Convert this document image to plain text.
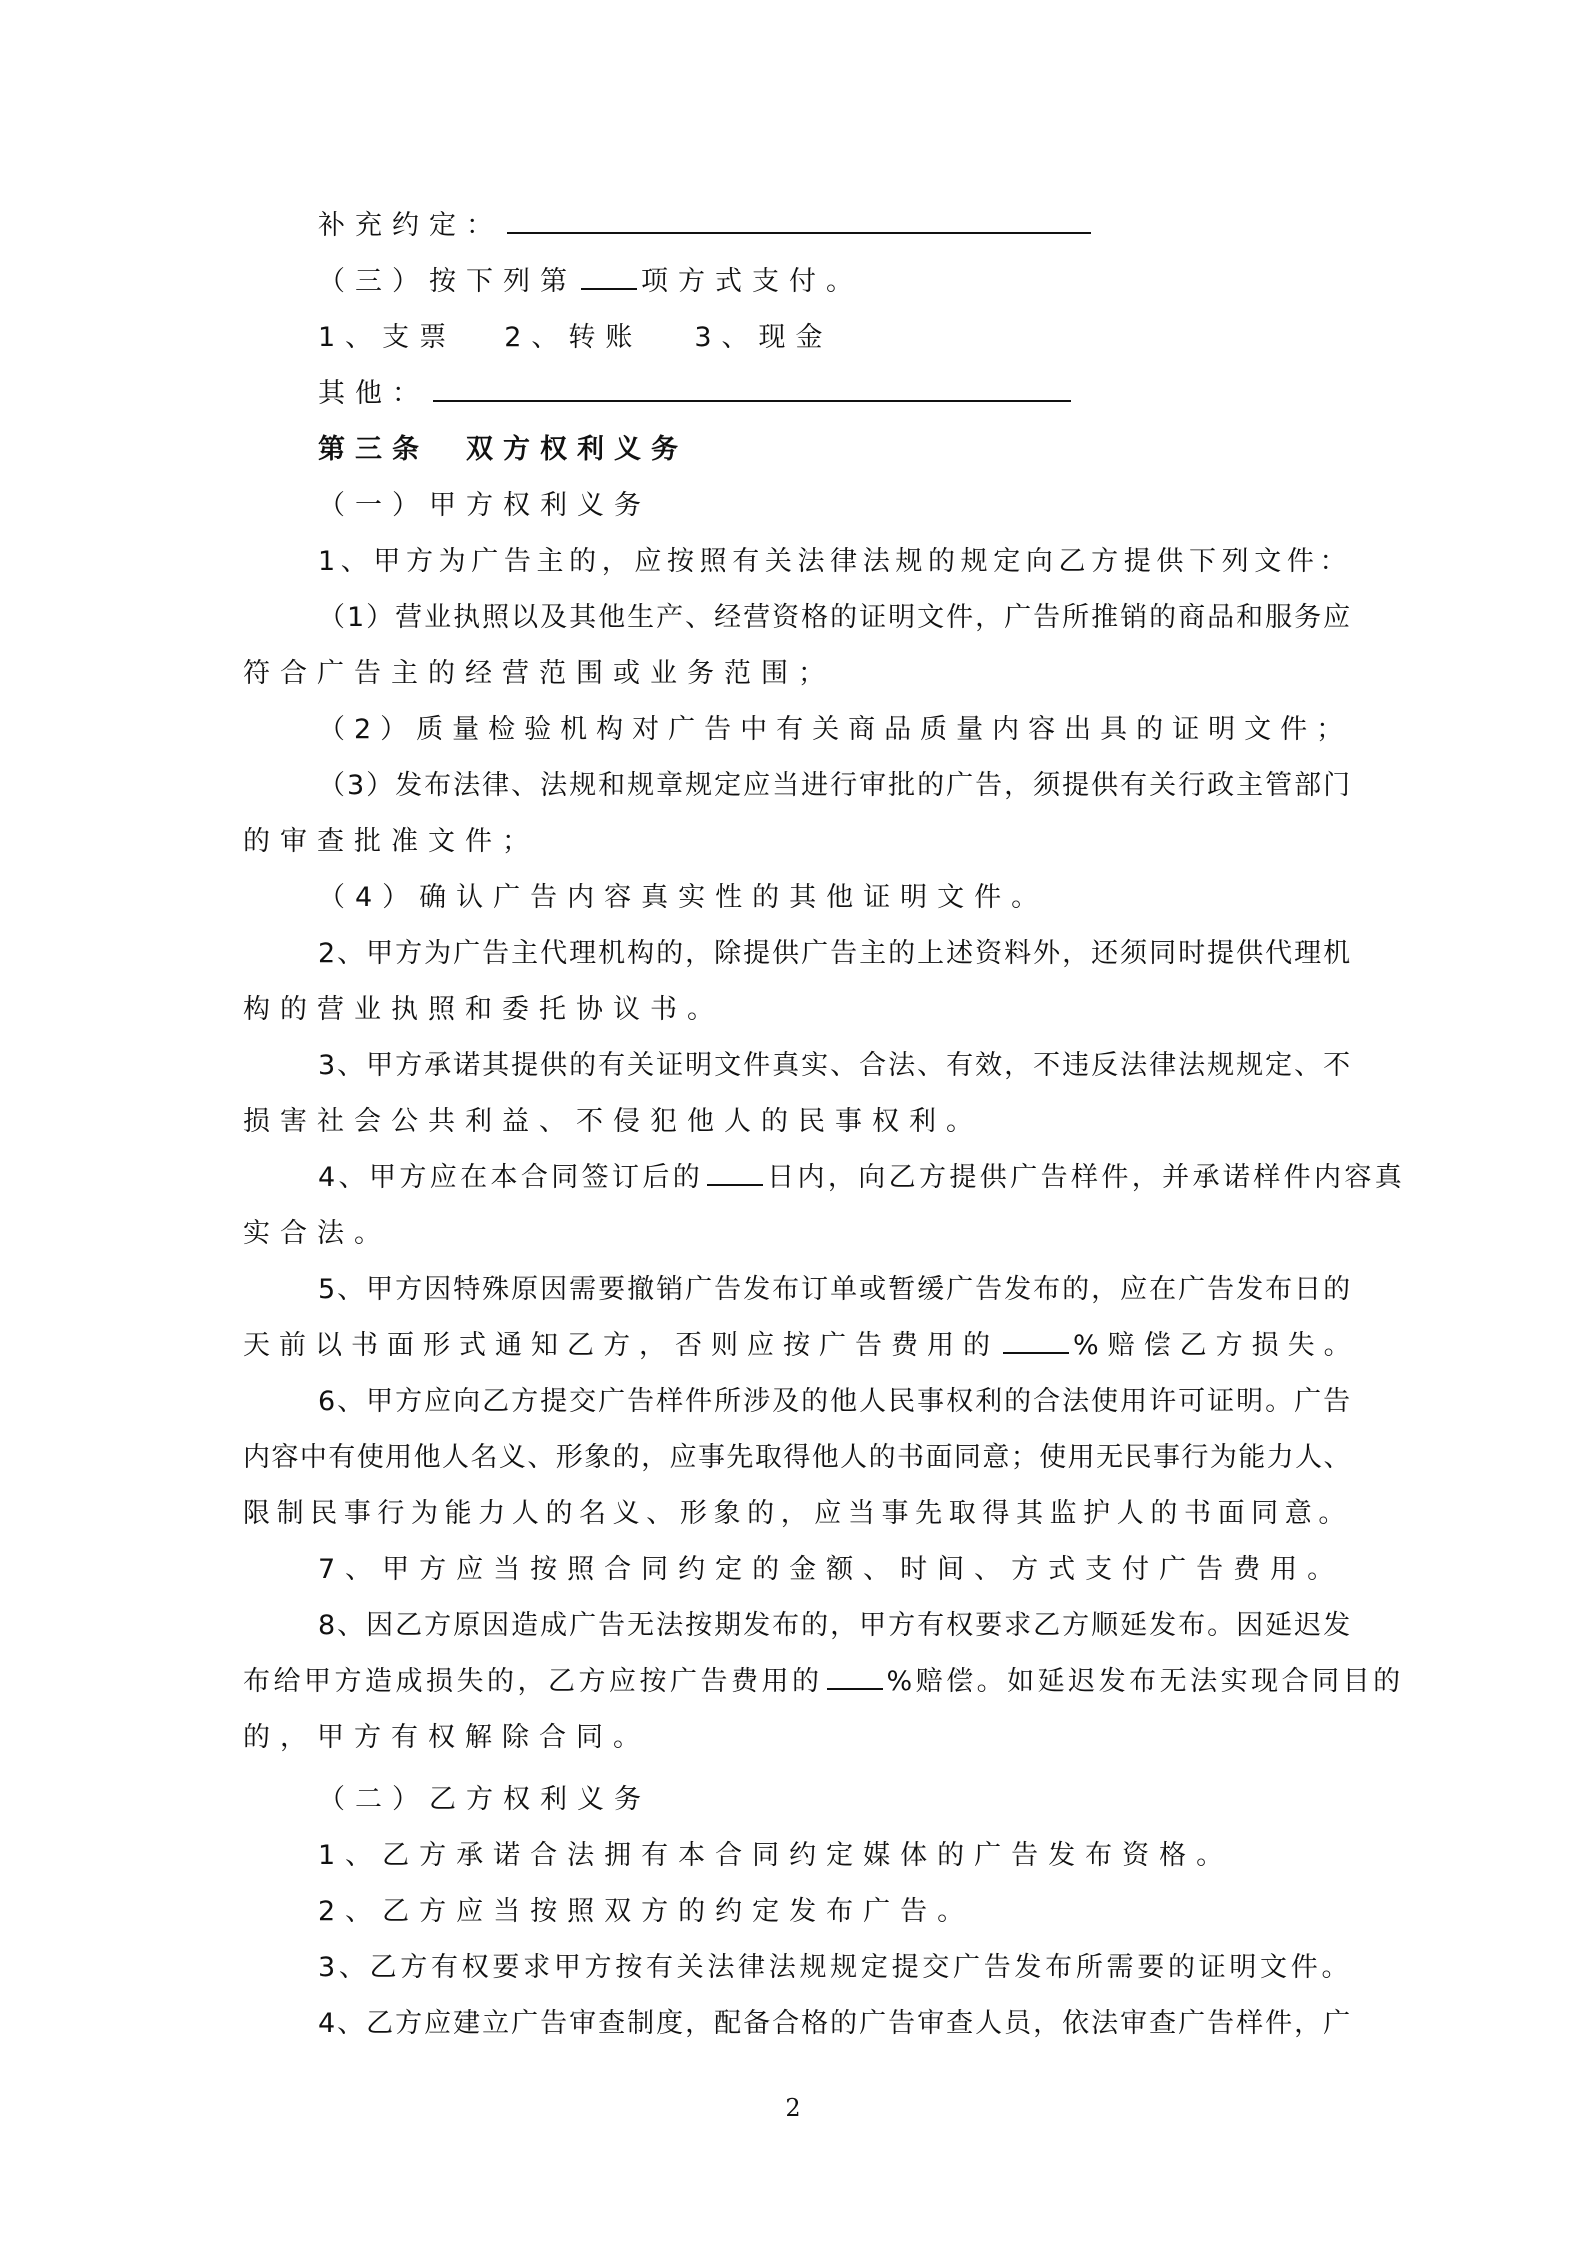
补充约定：
（三）按下列第 项方式支付。
1、支票 2、转账 3、现金
其他：
第三条　双方权利义务
（一）甲方权利义务
1、甲方为广告主的，应按照有关法律法规的规定向乙方提供下列文件：
（1）营业执照以及其他生产、经营资格的证明文件，广告所推销的商品和服务应
符合广告主的经营范围或业务范围；
（2）质量检验机构对广告中有关商品质量内容出具的证明文件；
（3）发布法律、法规和规章规定应当进行审批的广告，须提供有关行政主管部门
的审查批准文件；
（4）确认广告内容真实性的其他证明文件。
2、甲方为广告主代理机构的，除提供广告主的上述资料外，还须同时提供代理机
构的营业执照和委托协议书。
3、甲方承诺其提供的有关证明文件真实、合法、有效，不违反法律法规规定、不
损害社会公共利益、不侵犯他人的民事权利。
4、甲方应在本合同签订后的 日内，向乙方提供广告样件，并承诺样件内容真
实合法。
5、甲方因特殊原因需要撤销广告发布订单或暂缓广告发布的，应在广告发布日的
天前以书面形式通知乙方，否则应按广告费用的	%赔偿乙方损失。
6、甲方应向乙方提交广告样件所涉及的他人民事权利的合法使用许可证明。广告
内容中有使用他人名义、形象的，应事先取得他人的书面同意；使用无民事行为能力人、
限制民事行为能力人的名义、形象的，应当事先取得其监护人的书面同意。
7、甲方应当按照合同约定的金额、时间、方式支付广告费用。
8、因乙方原因造成广告无法按期发布的，甲方有权要求乙方顺延发布。因延迟发
布给甲方造成损失的，乙方应按广告费用的 %赔偿。如延迟发布无法实现合同目的
的，甲方有权解除合同。
（二）乙方权利义务
1、乙方承诺合法拥有本合同约定媒体的广告发布资格。
2、乙方应当按照双方的约定发布广告。
3、乙方有权要求甲方按有关法律法规规定提交广告发布所需要的证明文件。
4、乙方应建立广告审查制度，配备合格的广告审查人员，依法审查广告样件，广
2
